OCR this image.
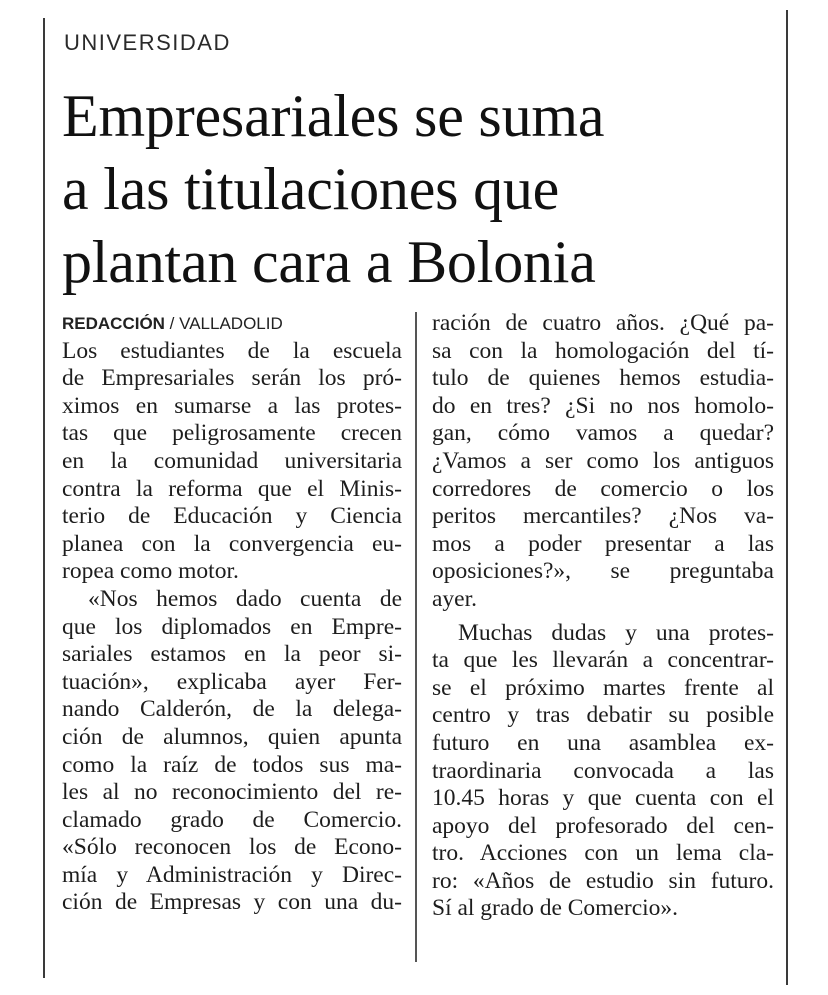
UNIVERSIDAD
Empresariales se suma
a las titulaciones que
plantan cara a Bolonia
REDACCIÓN / VALLADOLID
Los estudiantes de la escuela
de Empresariales serán los pró-
ximos en sumarse a las protes-
tas que peligrosamente crecen
en la comunidad universitaria
contra la reforma que el Minis-
terio de Educación y Ciencia
planea con la convergencia eu-
ropea como motor.
«Nos hemos dado cuenta de
que los diplomados en Empre-
sariales estamos en la peor si-
tuación», explicaba ayer Fer-
nando Calderón, de la delega-
ción de alumnos, quien apunta
como la raíz de todos sus ma-
les al no reconocimiento del re-
clamado grado de Comercio.
«Sólo reconocen los de Econo-
mía y Administración y Direc-
ción de Empresas y con una du-
ración de cuatro años. ¿Qué pa-
sa con la homologación del tí-
tulo de quienes hemos estudia-
do en tres? ¿Si no nos homolo-
gan, cómo vamos a quedar?
¿Vamos a ser como los antiguos
corredores de comercio o los
peritos mercantiles? ¿Nos va-
mos a poder presentar a las
oposiciones?», se preguntaba
ayer.
Muchas dudas y una protes-
ta que les llevarán a concentrar-
se el próximo martes frente al
centro y tras debatir su posible
futuro en una asamblea ex-
traordinaria convocada a las
10.45 horas y que cuenta con el
apoyo del profesorado del cen-
tro. Acciones con un lema cla-
ro: «Años de estudio sin futuro.
Sí al grado de Comercio».
